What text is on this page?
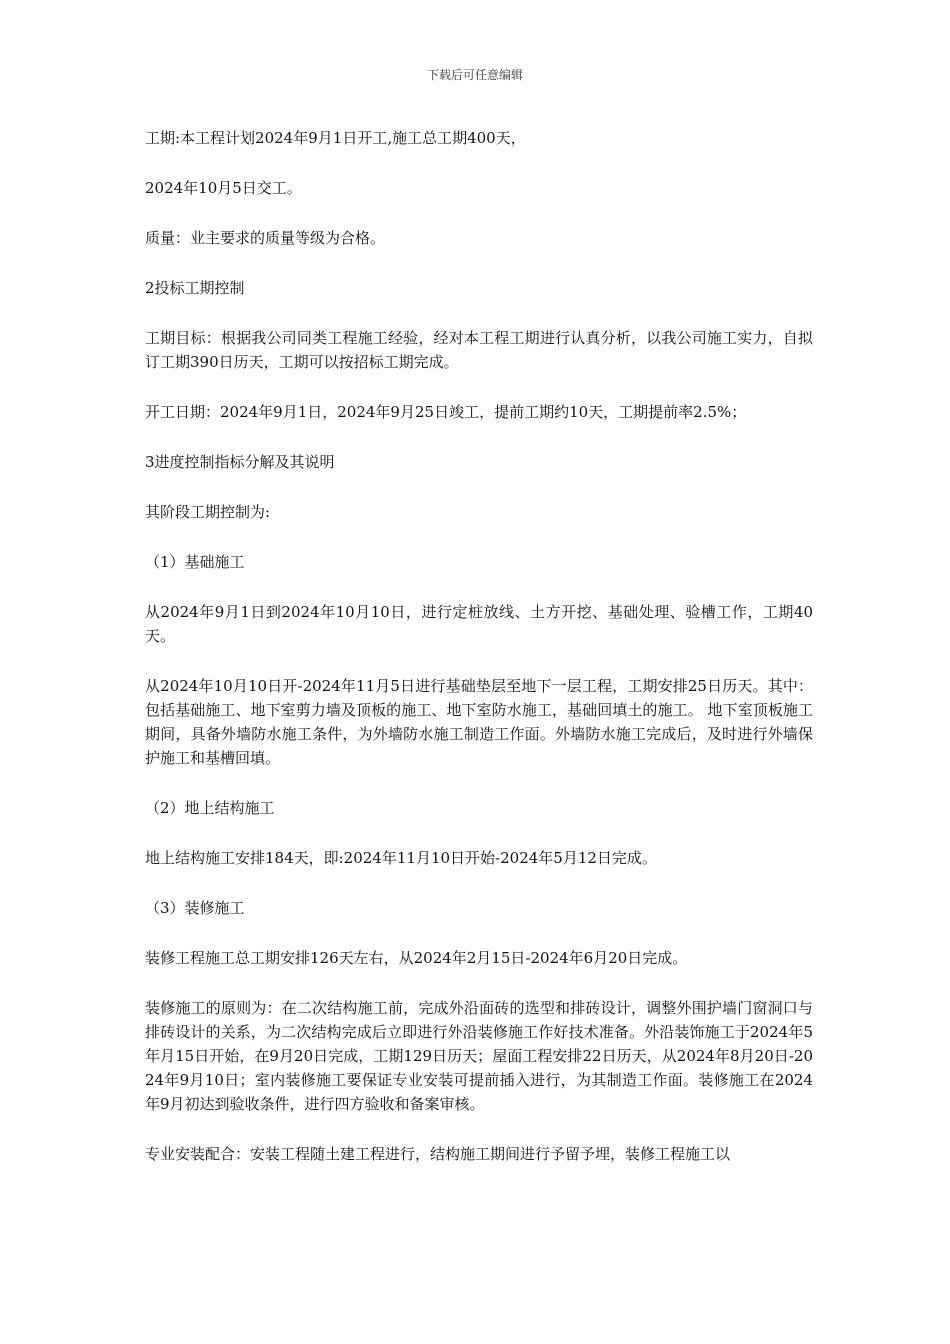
下载后可任意编辑

工期:本工程计划2024年9月1日开工,施工总工期400天，

2024年10月5日交工。

质量：业主要求的质量等级为合格。

2投标工期控制

工期目标：根据我公司同类工程施工经验，经对本工程工期进行认真分析，以我公司施工实力，自拟订工期390日历天，工期可以按招标工期完成。

开工日期：2024年9月1日，2024年9月25日竣工，提前工期约10天，工期提前率2.5%；

3进度控制指标分解及其说明

其阶段工期控制为:

（1）基础施工

从2024年9月1日到2024年10月10日，进行定桩放线、土方开挖、基础处理、验槽工作，工期40天。

从2024年10月10日开-2024年11月5日进行基础垫层至地下一层工程，工期安排25日历天。其中：包括基础施工、地下室剪力墙及顶板的施工、地下室防水施工，基础回填土的施工。 地下室顶板施工期间，具备外墙防水施工条件，为外墙防水施工制造工作面。外墙防水施工完成后，及时进行外墙保护施工和基槽回填。

（2）地上结构施工

地上结构施工安排184天，即:2024年11月10日开始-2024年5月12日完成。

（3）装修施工

装修工程施工总工期安排126天左右，从2024年2月15日-2024年6月20日完成。

装修施工的原则为：在二次结构施工前，完成外沿面砖的选型和排砖设计，调整外围护墙门窗洞口与排砖设计的关系，为二次结构完成后立即进行外沿装修施工作好技术准备。外沿装饰施工于2024年5年月15日开始，在9月20日完成，工期129日历天；屋面工程安排22日历天，从2024年8月20日-2024年9月10日；室内装修施工要保证专业安装可提前插入进行，为其制造工作面。装修施工在2024年9月初达到验收条件，进行四方验收和备案审核。

专业安装配合：安装工程随土建工程进行，结构施工期间进行予留予埋，装修工程施工以
